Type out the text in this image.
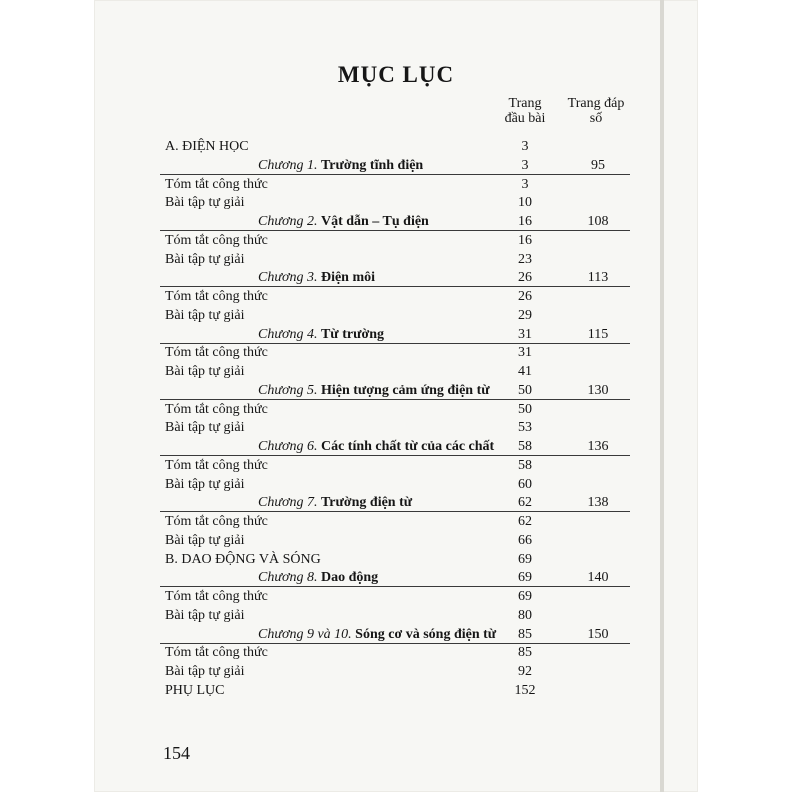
MỤC LỤC
Trang đầu bài
Trang đáp số
A. ĐIỆN HỌC	3
Chương 1. Trường tĩnh điện	3	95
Tóm tắt công thức	3
Bài tập tự giải	10
Chương 2. Vật dẫn – Tụ điện	16	108
Tóm tắt công thức	16
Bài tập tự giải	23
Chương 3. Điện môi	26	113
Tóm tắt công thức	26
Bài tập tự giải	29
Chương 4. Từ trường	31	115
Tóm tắt công thức	31
Bài tập tự giải	41
Chương 5. Hiện tượng cảm ứng điện từ	50	130
Tóm tắt công thức	50
Bài tập tự giải	53
Chương 6. Các tính chất từ của các chất	58	136
Tóm tắt công thức	58
Bài tập tự giải	60
Chương 7. Trường điện từ	62	138
Tóm tắt công thức	62
Bài tập tự giải	66
B. DAO ĐỘNG VÀ SÓNG	69
Chương 8. Dao động	69	140
Tóm tắt công thức	69
Bài tập tự giải	80
Chương 9 và 10. Sóng cơ và sóng điện từ	85	150
Tóm tắt công thức	85
Bài tập tự giải	92
PHỤ LỤC	152
154
